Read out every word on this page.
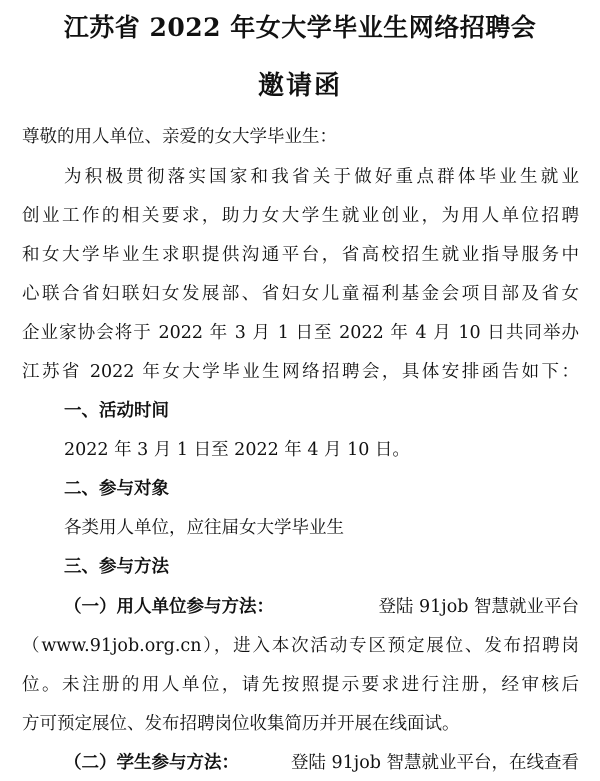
江苏省 2022 年女大学毕业生网络招聘会
邀请函
尊敬的用人单位、亲爱的女大学毕业生：
为积极贯彻落实国家和我省关于做好重点群体毕业生就业
创业工作的相关要求，助力女大学生就业创业，为用人单位招聘
和女大学毕业生求职提供沟通平台，省高校招生就业指导服务中
心联合省妇联妇女发展部、省妇女儿童福利基金会项目部及省女
企业家协会将于 2022 年 3 月 1 日至 2022 年 4 月 10 日共同举办
江苏省 2022 年女大学毕业生网络招聘会，具体安排函告如下：
一、活动时间
2022 年 3 月 1 日至 2022 年 4 月 10 日。
二、参与对象
各类用人单位，应往届女大学毕业生
三、参与方法
（一）用人单位参与方法：	登陆 91job 智慧就业平台
（www.91job.org.cn），进入本次活动专区预定展位、发布招聘岗
位。未注册的用人单位，请先按照提示要求进行注册，经审核后
方可预定展位、发布招聘岗位收集简历并开展在线面试。
（二）学生参与方法：	登陆 91job 智慧就业平台，在线查看
